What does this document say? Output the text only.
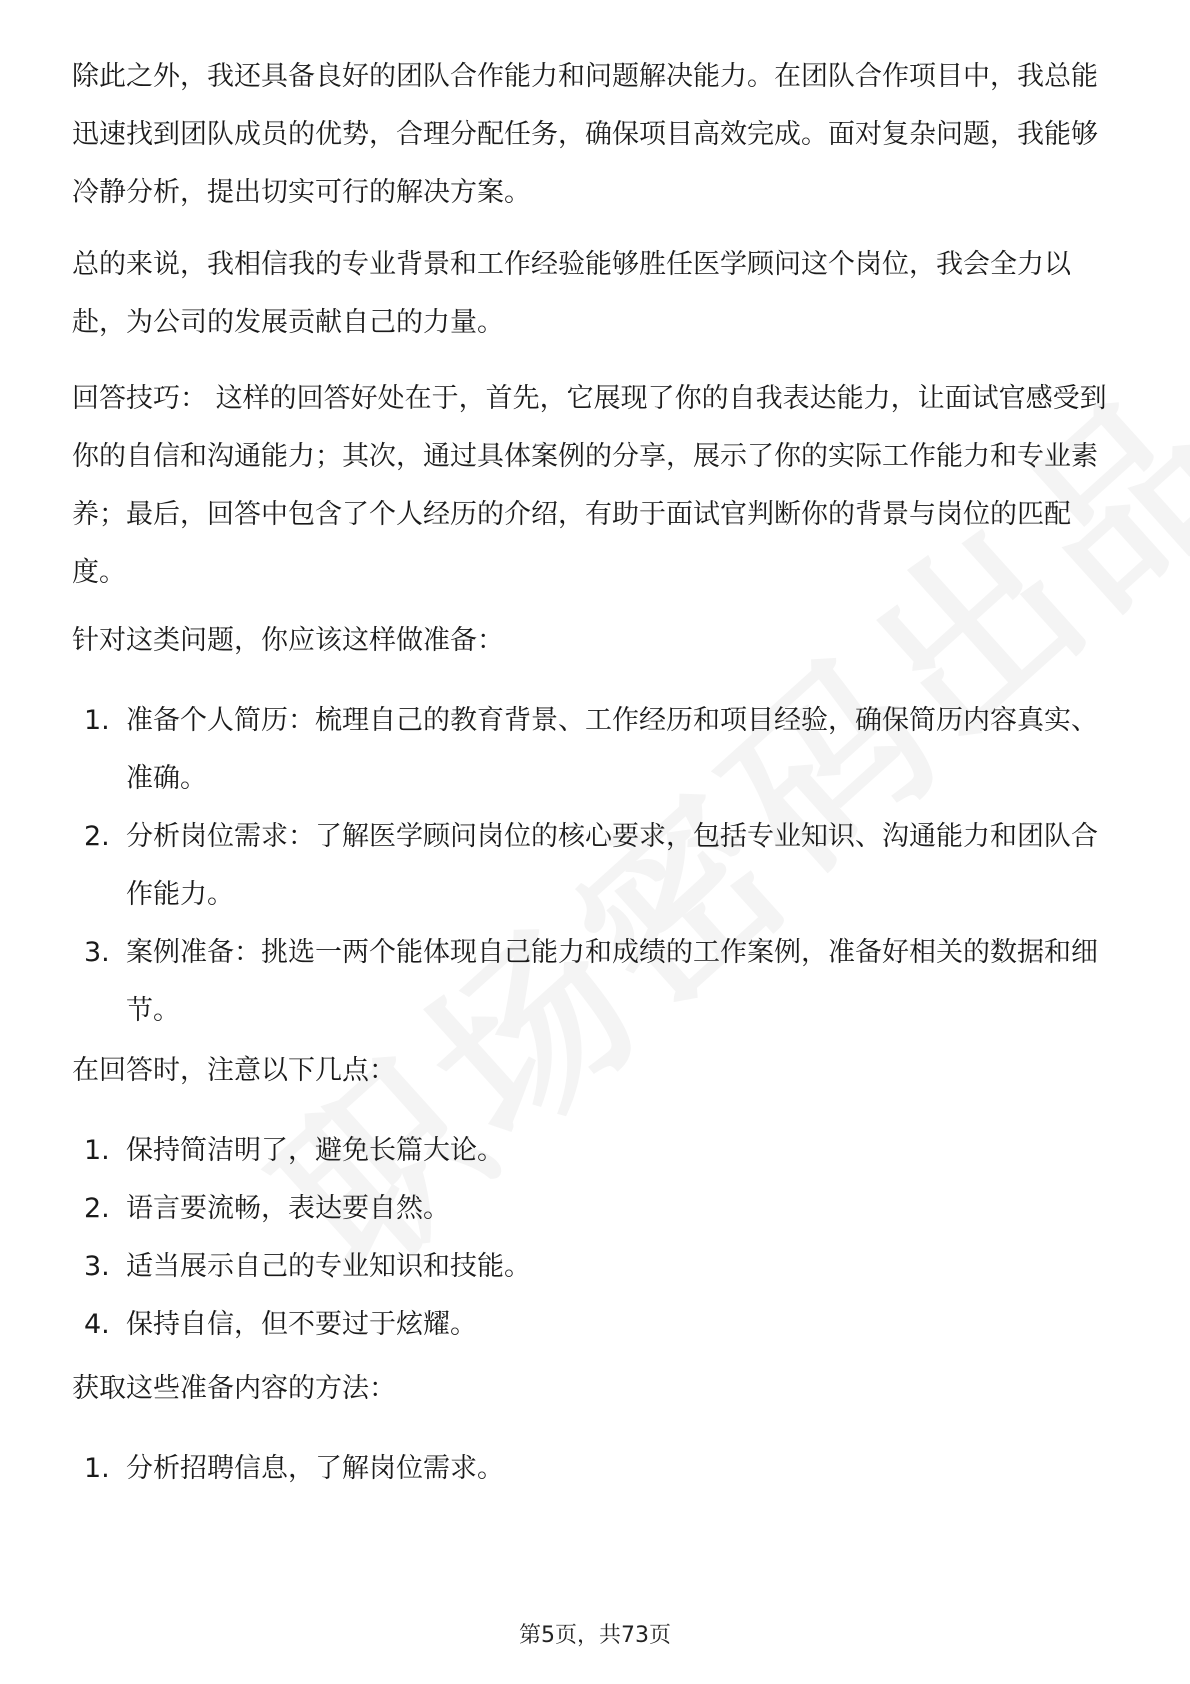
除此之外，我还具备良好的团队合作能力和问题解决能力。在团队合作项目中，我总能迅速找到团队成员的优势，合理分配任务，确保项目高效完成。面对复杂问题，我能够冷静分析，提出切实可行的解决方案。

总的来说，我相信我的专业背景和工作经验能够胜任医学顾问这个岗位，我会全力以赴，为公司的发展贡献自己的力量。

回答技巧： 这样的回答好处在于，首先，它展现了你的自我表达能力，让面试官感受到你的自信和沟通能力；其次，通过具体案例的分享，展示了你的实际工作能力和专业素养；最后，回答中包含了个人经历的介绍，有助于面试官判断你的背景与岗位的匹配度。

针对这类问题，你应该这样做准备：

1. 准备个人简历：梳理自己的教育背景、工作经历和项目经验，确保简历内容真实、准确。
2. 分析岗位需求：了解医学顾问岗位的核心要求，包括专业知识、沟通能力和团队合作能力。
3. 案例准备：挑选一两个能体现自己能力和成绩的工作案例，准备好相关的数据和细节。

在回答时，注意以下几点：

1. 保持简洁明了，避免长篇大论。
2. 语言要流畅，表达要自然。
3. 适当展示自己的专业知识和技能。
4. 保持自信，但不要过于炫耀。

获取这些准备内容的方法：

1. 分析招聘信息，了解岗位需求。
第5页，共73页
